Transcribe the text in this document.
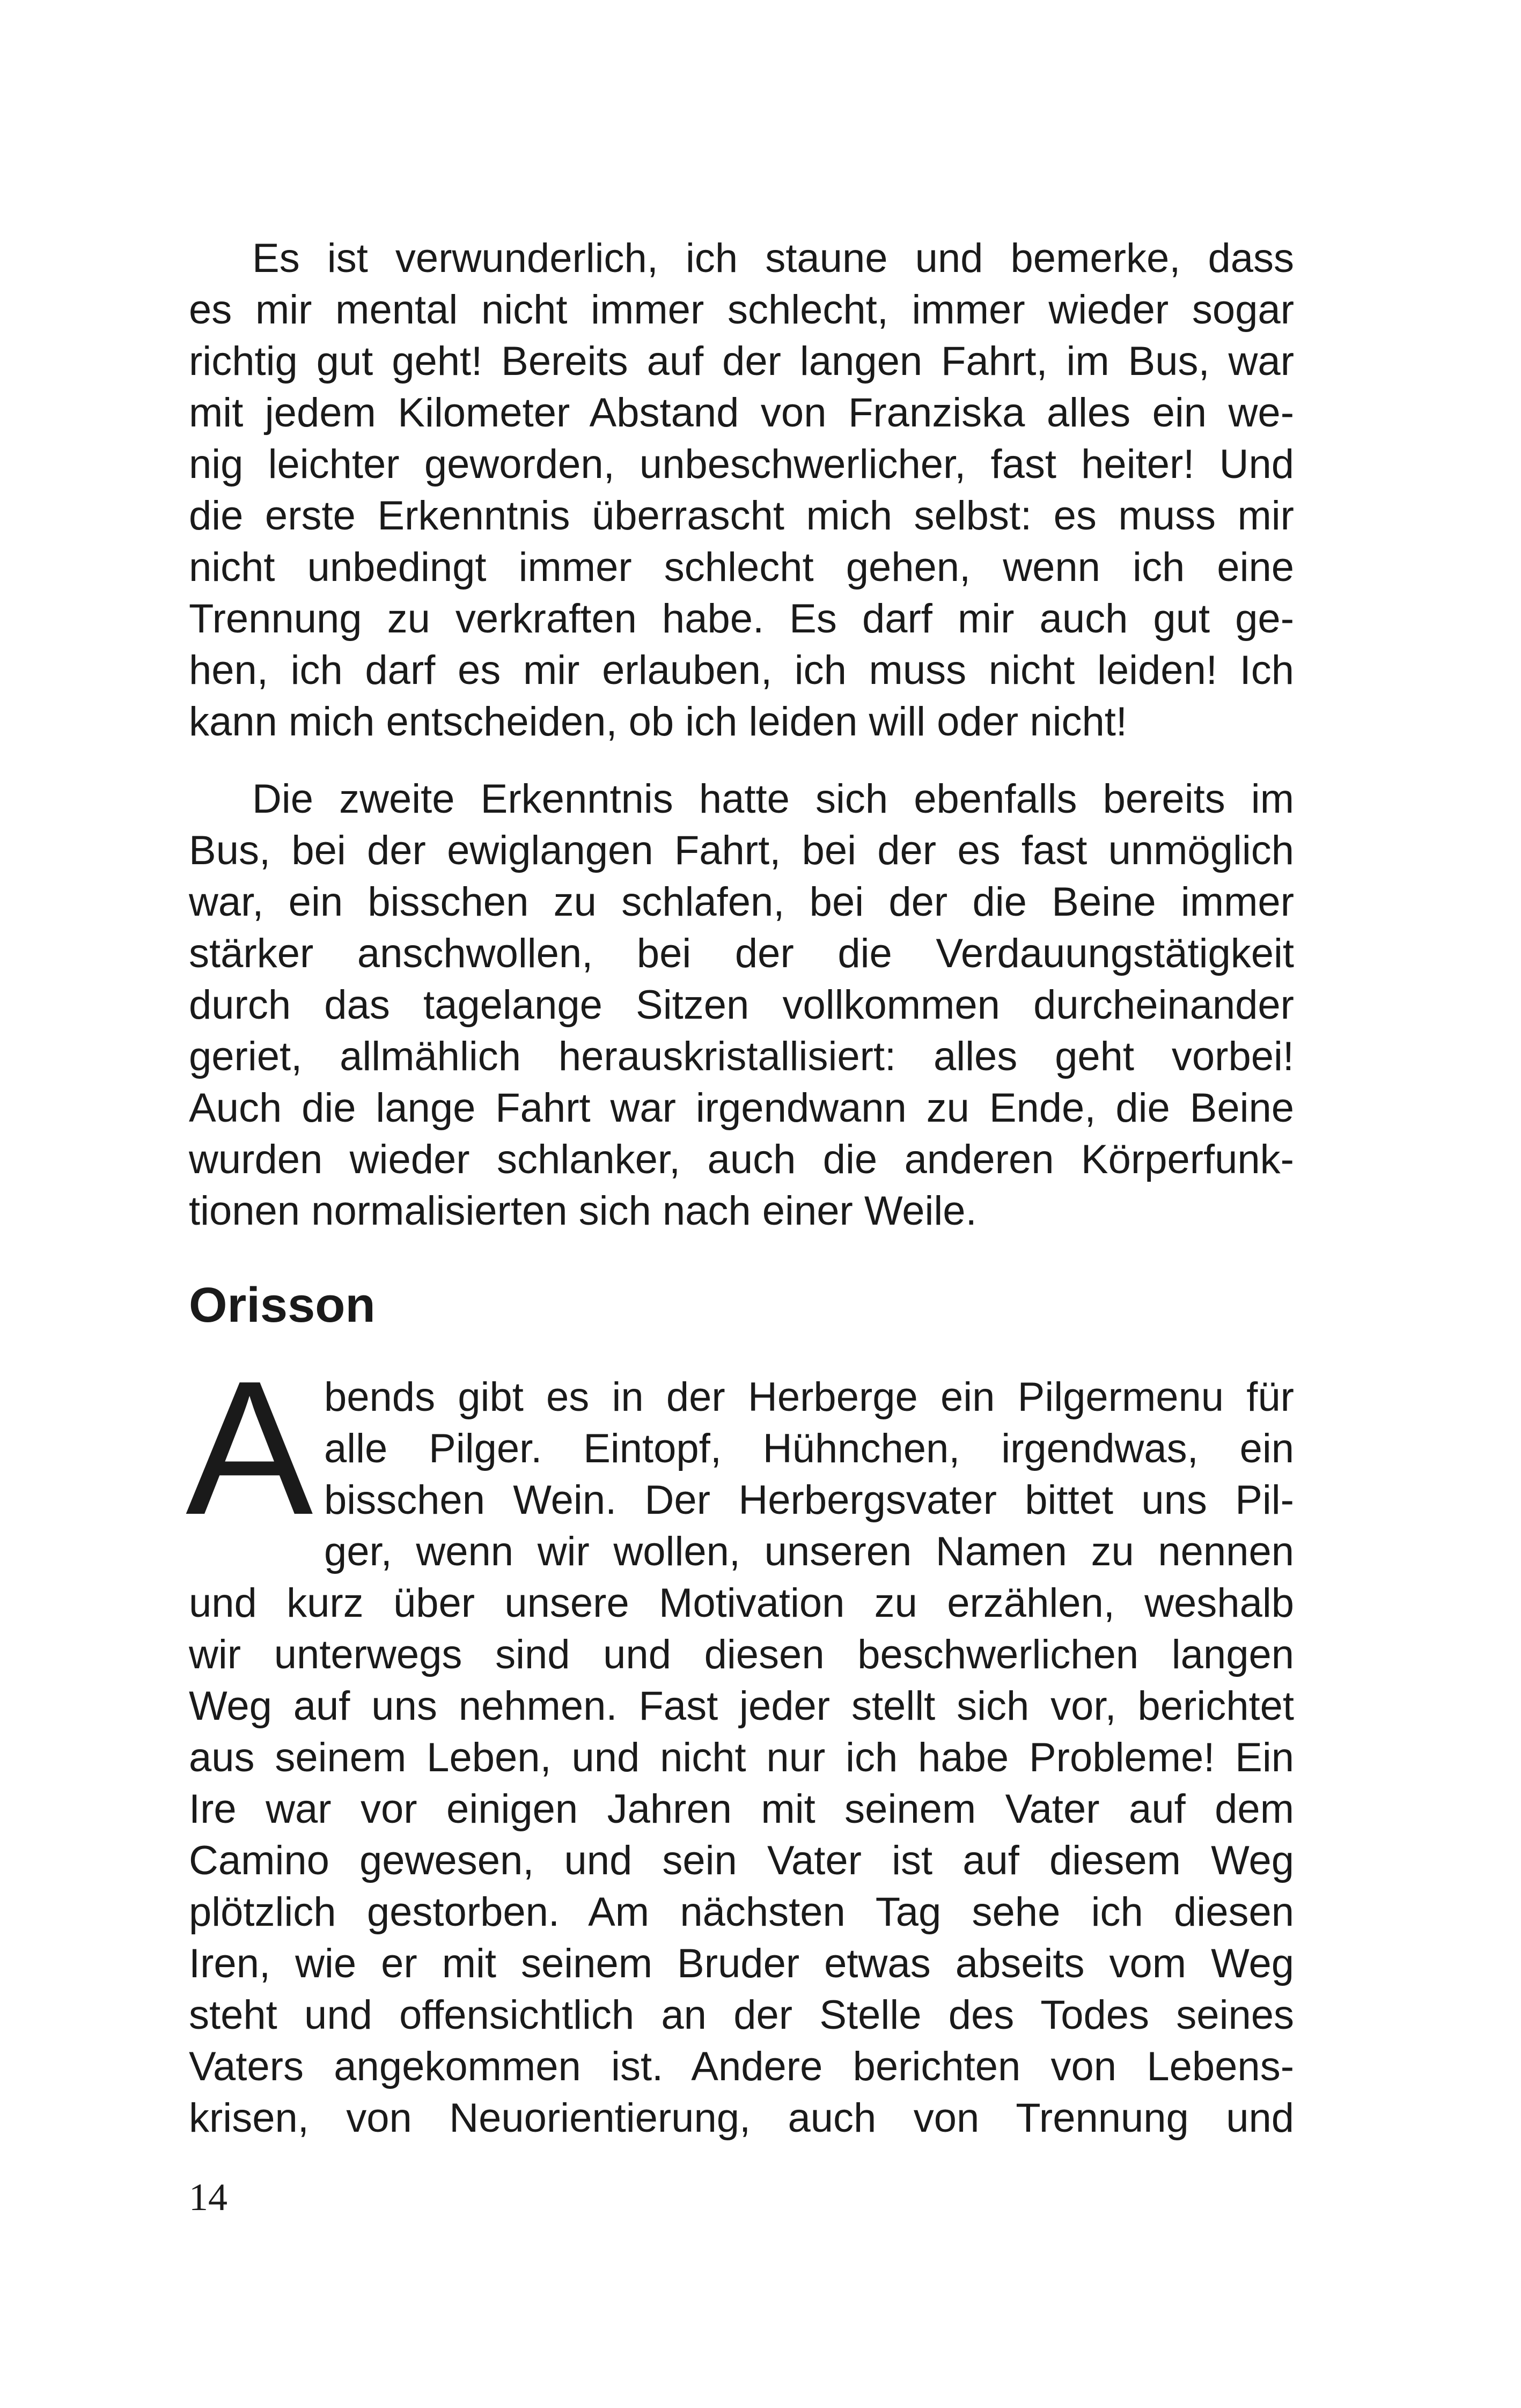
Es ist verwunderlich, ich staune und bemerke, dass
es mir mental nicht immer schlecht, immer wieder sogar
richtig gut geht! Bereits auf der langen Fahrt, im Bus, war
mit jedem Kilometer Abstand von Franziska alles ein we-
nig leichter geworden, unbeschwerlicher, fast heiter! Und
die erste Erkenntnis überrascht mich selbst: es muss mir
nicht unbedingt immer schlecht gehen, wenn ich eine
Trennung zu verkraften habe. Es darf mir auch gut ge-
hen, ich darf es mir erlauben, ich muss nicht leiden! Ich
kann mich entscheiden, ob ich leiden will oder nicht!
Die zweite Erkenntnis hatte sich ebenfalls bereits im
Bus, bei der ewiglangen Fahrt, bei der es fast unmöglich
war, ein bisschen zu schlafen, bei der die Beine immer
stärker anschwollen, bei der die Verdauungstätigkeit
durch das tagelange Sitzen vollkommen durcheinander
geriet, allmählich herauskristallisiert: alles geht vorbei!
Auch die lange Fahrt war irgendwann zu Ende, die Beine
wurden wieder schlanker, auch die anderen Körperfunk-
tionen normalisierten sich nach einer Weile.
Orisson
A bends gibt es in der Herberge ein Pilgermenu für
alle Pilger. Eintopf, Hühnchen, irgendwas, ein
bisschen Wein. Der Herbergsvater bittet uns Pil-
ger, wenn wir wollen, unseren Namen zu nennen
und kurz über unsere Motivation zu erzählen, weshalb
wir unterwegs sind und diesen beschwerlichen langen
Weg auf uns nehmen. Fast jeder stellt sich vor, berichtet
aus seinem Leben, und nicht nur ich habe Probleme! Ein
Ire war vor einigen Jahren mit seinem Vater auf dem
Camino gewesen, und sein Vater ist auf diesem Weg
plötzlich gestorben. Am nächsten Tag sehe ich diesen
Iren, wie er mit seinem Bruder etwas abseits vom Weg
steht und offensichtlich an der Stelle des Todes seines
Vaters angekommen ist. Andere berichten von Lebens-
krisen, von Neuorientierung, auch von Trennung und
14
